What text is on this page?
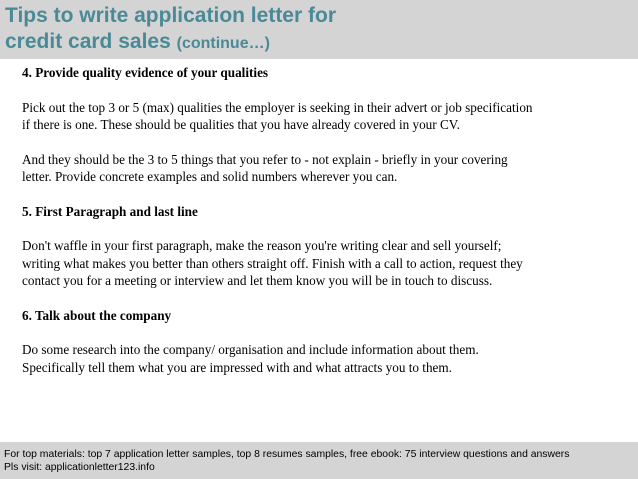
Tips to write application letter for
credit card sales (continue…)

4. Provide quality evidence of your qualities

Pick out the top 3 or 5 (max) qualities the employer is seeking in their advert or job specification
if there is one. These should be qualities that you have already covered in your CV.

And they should be the 3 to 5 things that you refer to - not explain - briefly in your covering
letter. Provide concrete examples and solid numbers wherever you can.

5. First Paragraph and last line

Don't waffle in your first paragraph, make the reason you're writing clear and sell yourself;
writing what makes you better than others straight off. Finish with a call to action, request they
contact you for a meeting or interview and let them know you will be in touch to discuss.

6. Talk about the company

Do some research into the company/ organisation and include information about them.
Specifically tell them what you are impressed with and what attracts you to them.

For top materials: top 7 application letter samples, top 8 resumes samples, free ebook: 75 interview questions and answers
Pls visit: applicationletter123.info
